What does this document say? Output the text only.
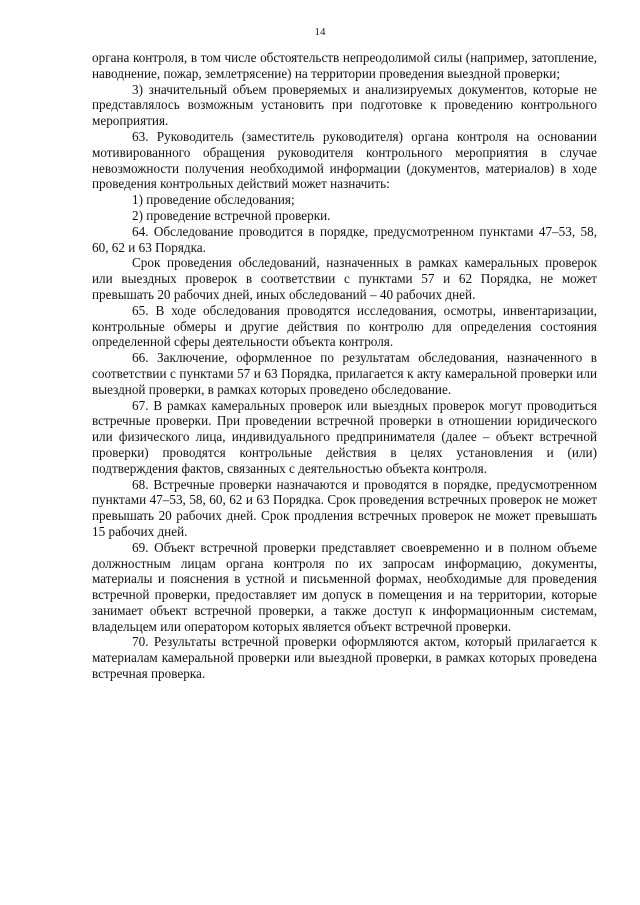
14

органа контроля, в том числе обстоятельств непреодолимой силы (например, затопление, наводнение, пожар, землетрясение) на территории проведения выездной проверки;

3) значительный объем проверяемых и анализируемых документов, которые не представлялось возможным установить при подготовке к проведению контрольного мероприятия.

63. Руководитель (заместитель руководителя) органа контроля на основании мотивированного обращения руководителя контрольного мероприятия в случае невозможности получения необходимой информации (документов, материалов) в ходе проведения контрольных действий может назначить:

1) проведение обследования;

2) проведение встречной проверки.

64. Обследование проводится в порядке, предусмотренном пунктами 47–53, 58, 60, 62 и 63 Порядка.

Срок проведения обследований, назначенных в рамках камеральных проверок или выездных проверок в соответствии с пунктами 57 и 62 Порядка, не может превышать 20 рабочих дней, иных обследований – 40 рабочих дней.

65. В ходе обследования проводятся исследования, осмотры, инвентаризации, контрольные обмеры и другие действия по контролю для определения состояния определенной сферы деятельности объекта контроля.

66. Заключение, оформленное по результатам обследования, назначенного в соответствии с пунктами 57 и 63 Порядка, прилагается к акту камеральной проверки или выездной проверки, в рамках которых проведено обследование.

67. В рамках камеральных проверок или выездных проверок могут проводиться встречные проверки. При проведении встречной проверки в отношении юридического или физического лица, индивидуального предпринимателя (далее – объект встречной проверки) проводятся контрольные действия в целях установления и (или) подтверждения фактов, связанных с деятельностью объекта контроля.

68. Встречные проверки назначаются и проводятся в порядке, предусмотренном пунктами 47–53, 58, 60, 62 и 63 Порядка. Срок проведения встречных проверок не может превышать 20 рабочих дней. Срок продления встречных проверок не может превышать 15 рабочих дней.

69. Объект встречной проверки представляет своевременно и в полном объеме должностным лицам органа контроля по их запросам информацию, документы, материалы и пояснения в устной и письменной формах, необходимые для проведения встречной проверки, предоставляет им допуск в помещения и на территории, которые занимает объект встречной проверки, а также доступ к информационным системам, владельцем или оператором которых является объект встречной проверки.

70. Результаты встречной проверки оформляются актом, который прилагается к материалам камеральной проверки или выездной проверки, в рамках которых проведена встречная проверка.
